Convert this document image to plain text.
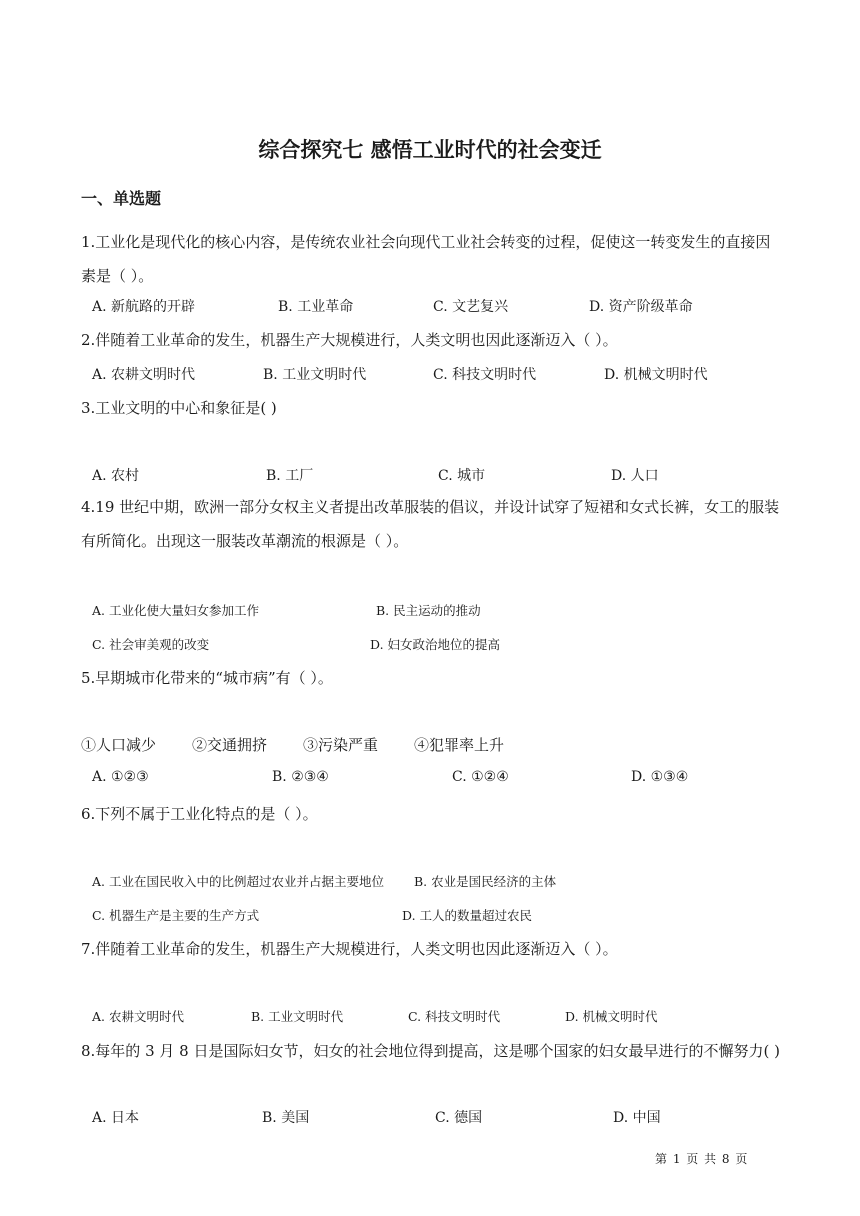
综合探究七 感悟工业时代的社会变迁
一、单选题
1.工业化是现代化的核心内容，是传统农业社会向现代工业社会转变的过程，促使这一转变发生的直接因素是（ ）。
A. 新航路的开辟	B. 工业革命	C. 文艺复兴	D. 资产阶级革命
2.伴随着工业革命的发生，机器生产大规模进行，人类文明也因此逐渐迈入（ ）。
A. 农耕文明时代	B. 工业文明时代	C. 科技文明时代	D. 机械文明时代
3.工业文明的中心和象征是( )
A. 农村	B. 工厂	C. 城市	D. 人口
4.19 世纪中期，欧洲一部分女权主义者提出改革服装的倡议，并设计试穿了短裙和女式长裤，女工的服装有所简化。出现这一服装改革潮流的根源是（ ）。
A. 工业化使大量妇女参加工作	B. 民主运动的推动
C. 社会审美观的改变	D. 妇女政治地位的提高
5.早期城市化带来的“城市病”有（ ）。
①人口减少 ②交通拥挤 ③污染严重 ④犯罪率上升
A. ①②③	B. ②③④	C. ①②④	D. ①③④
6.下列不属于工业化特点的是（ ）。
A. 工业在国民收入中的比例超过农业并占据主要地位 B. 农业是国民经济的主体
C. 机器生产是主要的生产方式	D. 工人的数量超过农民
7.伴随着工业革命的发生，机器生产大规模进行，人类文明也因此逐渐迈入（ ）。
A. 农耕文明时代	B. 工业文明时代	C. 科技文明时代	D. 机械文明时代
8.每年的 3 月 8 日是国际妇女节，妇女的社会地位得到提高，这是哪个国家的妇女最早进行的不懈努力( )
A. 日本	B. 美国	C. 德国	D. 中国
第 1 页 共 8 页
